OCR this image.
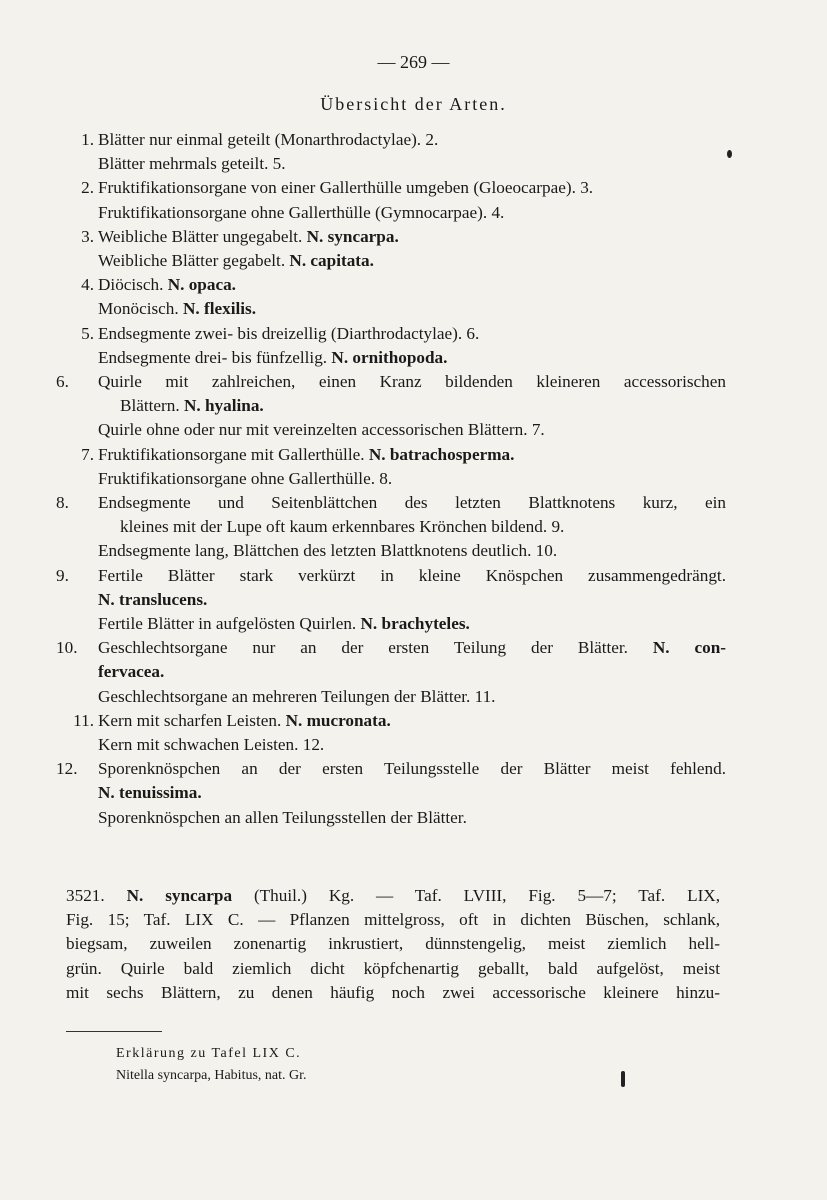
— 269 —
Übersicht der Arten.
1. Blätter nur einmal geteilt (Monarthrodactylae). 2.
Blätter mehrmals geteilt. 5.
2. Fruktifikationsorgane von einer Gallerthülle umgeben (Gloeocarpae). 3.
Fruktifikationsorgane ohne Gallerthülle (Gymnocarpae). 4.
3. Weibliche Blätter ungegabelt. N. syncarpa.
Weibliche Blätter gegabelt. N. capitata.
4. Diöcisch. N. opaca.
Monöcisch. N. flexilis.
5. Endsegmente zwei- bis dreizellig (Diarthrodactylae). 6.
Endsegmente drei- bis fünfzellig. N. ornithopoda.
6.	Quirle mit zahlreichen, einen Kranz bildenden kleineren accessorischen
Blättern. N. hyalina.
Quirle ohne oder nur mit vereinzelten accessorischen Blättern. 7.
7. Fruktifikationsorgane mit Gallerthülle. N. batrachosperma.
Fruktifikationsorgane ohne Gallerthülle. 8.
8.	Endsegmente und Seitenblättchen des letzten Blattknotens kurz, ein
kleines mit der Lupe oft kaum erkennbares Krönchen bildend. 9.
Endsegmente lang, Blättchen des letzten Blattknotens deutlich. 10.
9.	Fertile Blätter stark verkürzt in kleine Knöspchen zusammengedrängt.
N. translucens.
Fertile Blätter in aufgelösten Quirlen. N. brachyteles.
10.	Geschlechtsorgane nur an der ersten Teilung der Blätter. N. con-
fervacea.
Geschlechtsorgane an mehreren Teilungen der Blätter. 11.
11. Kern mit scharfen Leisten. N. mucronata.
Kern mit schwachen Leisten. 12.
12.	Sporenknöspchen an der ersten Teilungsstelle der Blätter meist fehlend.
N. tenuissima.
Sporenknöspchen an allen Teilungsstellen der Blätter.
3521. N. syncarpa (Thuil.) Kg. — Taf. LVIII, Fig. 5—7; Taf. LIX,
Fig. 15; Taf. LIX C. — Pflanzen mittelgross, oft in dichten Büschen, schlank,
biegsam, zuweilen zonenartig inkrustiert, dünnstengelig, meist ziemlich hell-
grün. Quirle bald ziemlich dicht köpfchenartig geballt, bald aufgelöst, meist
mit sechs Blättern, zu denen häufig noch zwei accessorische kleinere hinzu-
Erklärung zu Tafel LIX C.
Nitella syncarpa, Habitus, nat. Gr.
